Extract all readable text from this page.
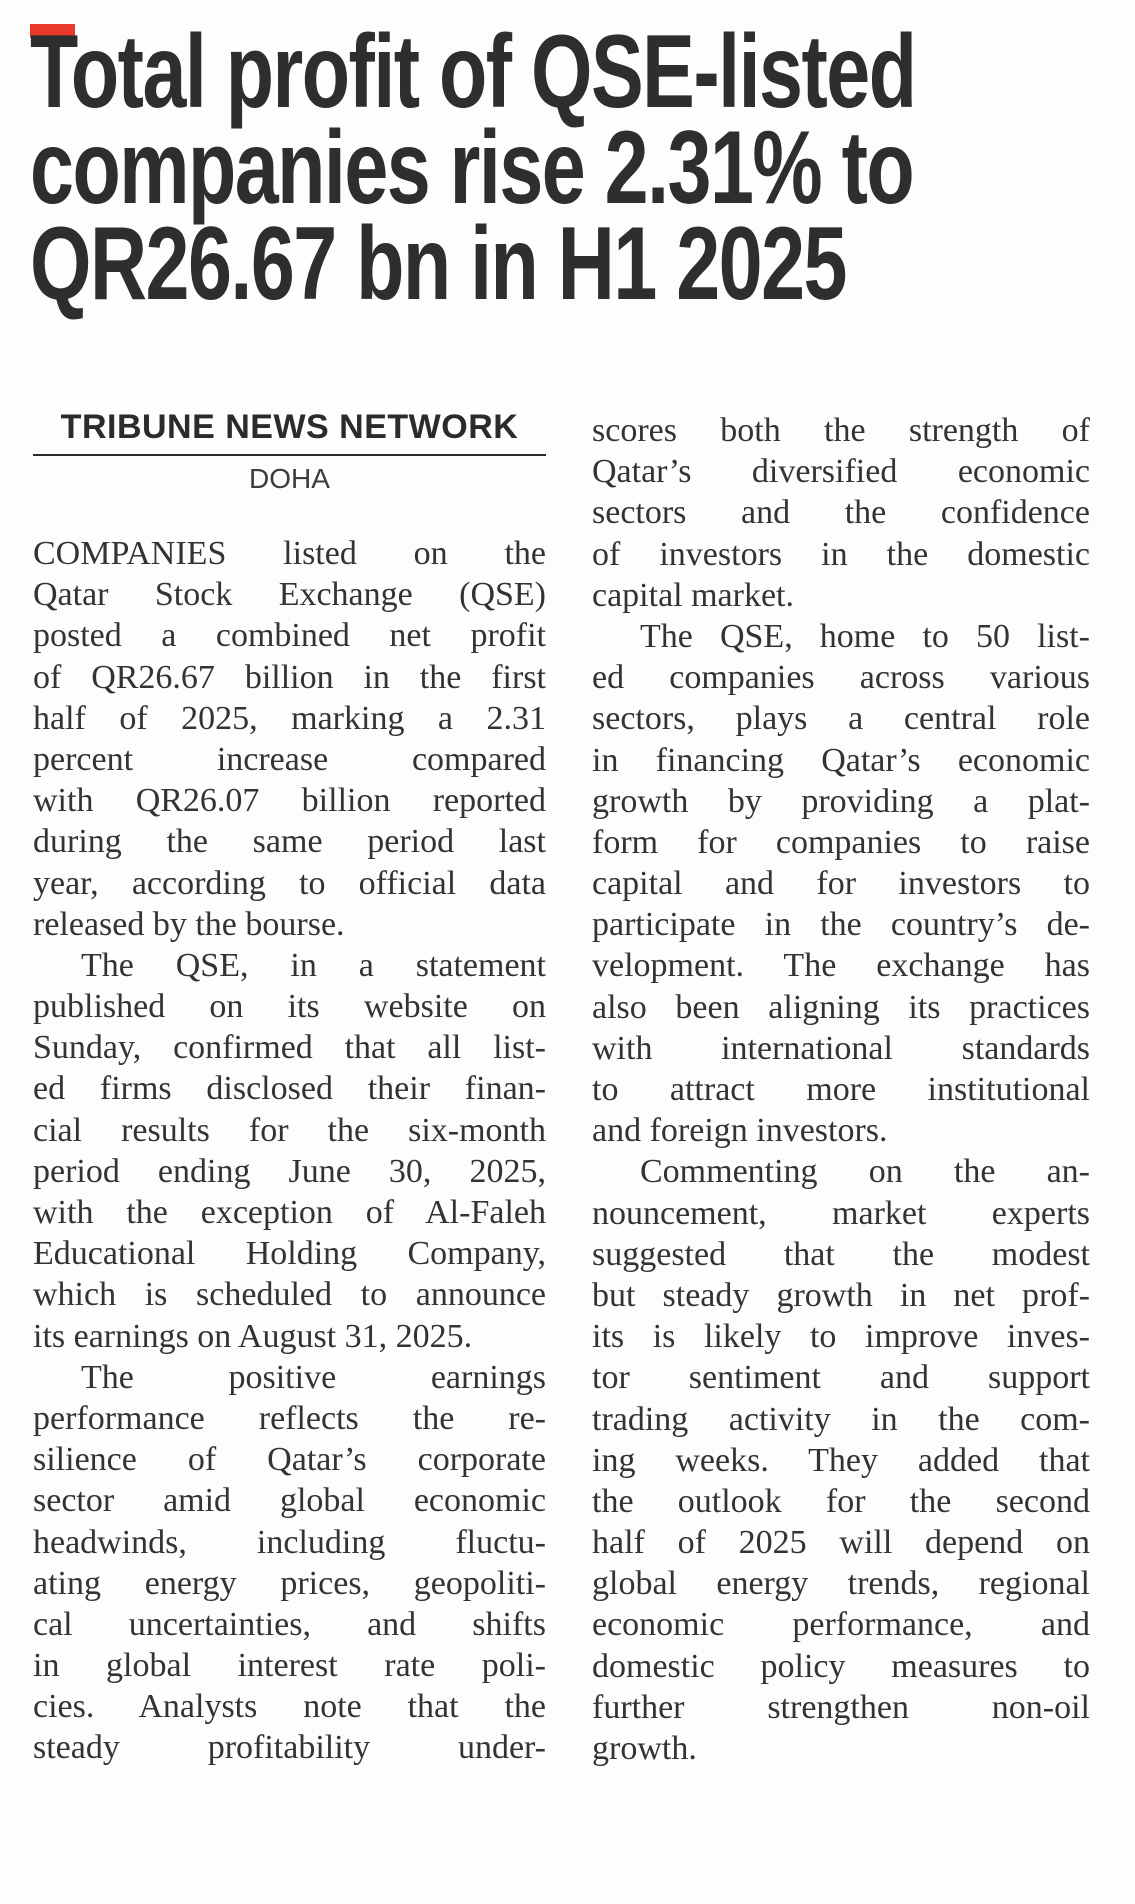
Total profit of QSE-listed
companies rise 2.31% to
QR26.67 bn in H1 2025
TRIBUNE NEWS NETWORK
DOHA
COMPANIES listed on the
Qatar Stock Exchange (QSE)
posted a combined net profit
of QR26.67 billion in the first
half of 2025, marking a 2.31
percent increase compared
with QR26.07 billion reported
during the same period last
year, according to official data
released by the bourse.
The QSE, in a statement
published on its website on
Sunday, confirmed that all list-
ed firms disclosed their finan-
cial results for the six-month
period ending June 30, 2025,
with the exception of Al-Faleh
Educational Holding Company,
which is scheduled to announce
its earnings on August 31, 2025.
The positive earnings
performance reflects the re-
silience of Qatar’s corporate
sector amid global economic
headwinds, including fluctu-
ating energy prices, geopoliti-
cal uncertainties, and shifts
in global interest rate poli-
cies. Analysts note that the
steady profitability under-
scores both the strength of
Qatar’s diversified economic
sectors and the confidence
of investors in the domestic
capital market.
The QSE, home to 50 list-
ed companies across various
sectors, plays a central role
in financing Qatar’s economic
growth by providing a plat-
form for companies to raise
capital and for investors to
participate in the country’s de-
velopment. The exchange has
also been aligning its practices
with international standards
to attract more institutional
and foreign investors.
Commenting on the an-
nouncement, market experts
suggested that the modest
but steady growth in net prof-
its is likely to improve inves-
tor sentiment and support
trading activity in the com-
ing weeks. They added that
the outlook for the second
half of 2025 will depend on
global energy trends, regional
economic performance, and
domestic policy measures to
further strengthen non-oil
growth.
